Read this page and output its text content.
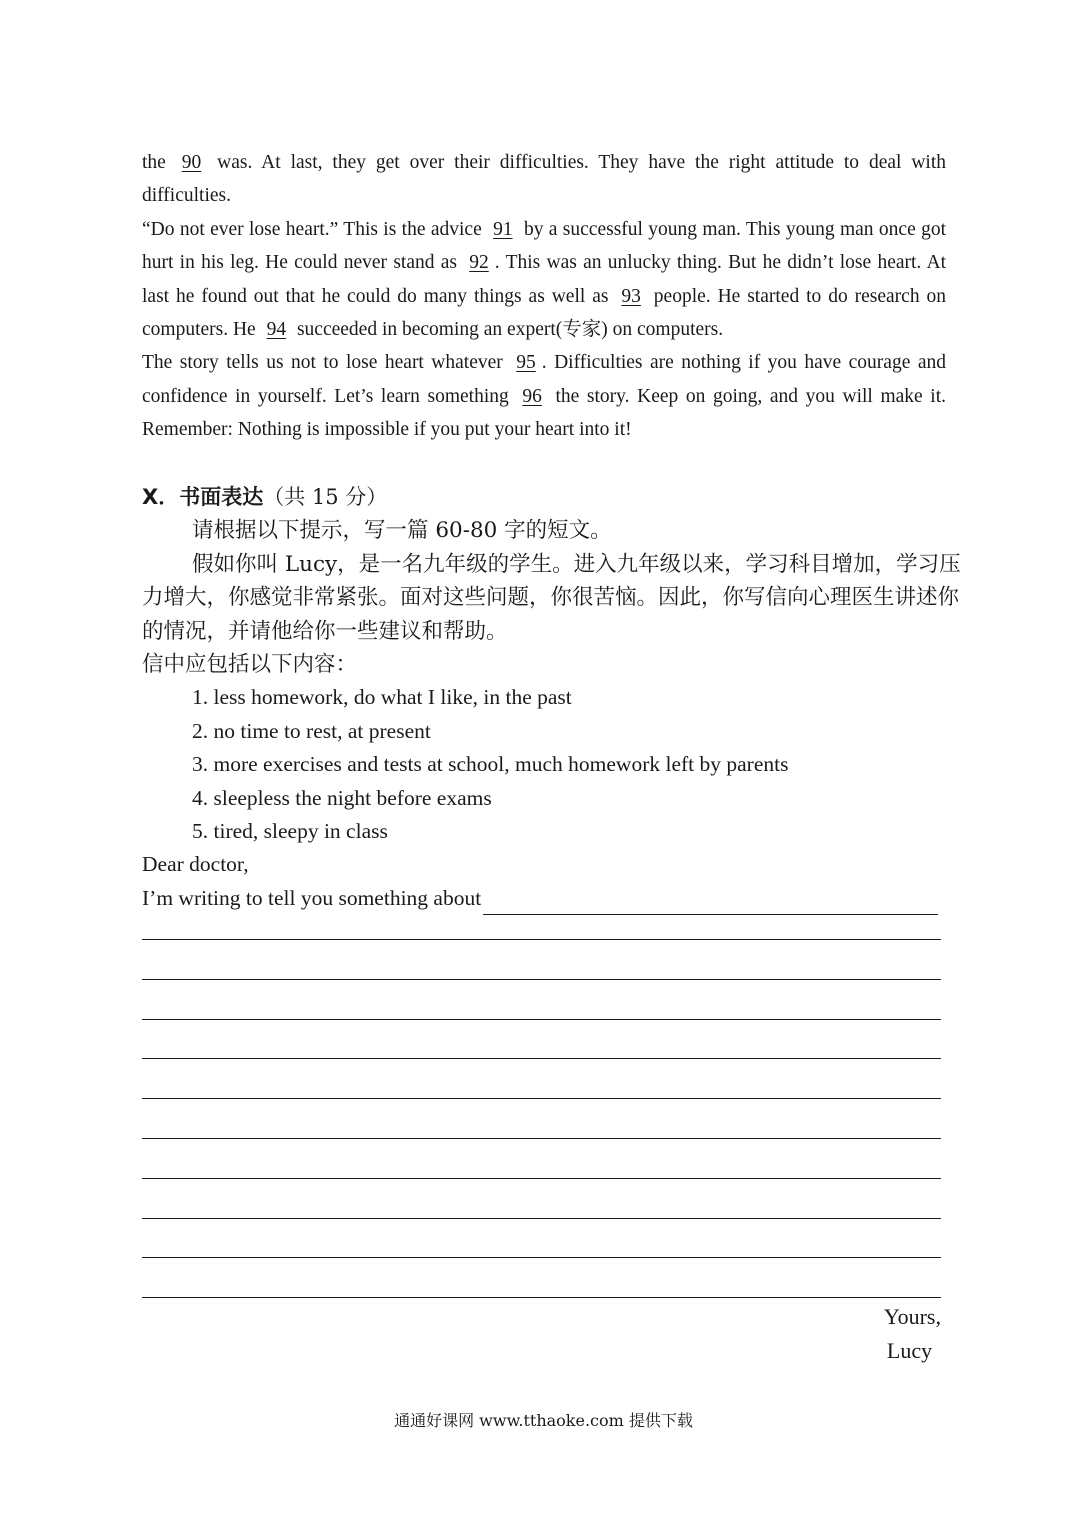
the 90 was. At last, they get over their difficulties. They have the right attitude to deal with difficulties.

“Do not ever lose heart.” This is the advice 91 by a successful young man. This young man once got hurt in his leg. He could never stand as 92 . This was an unlucky thing. But he didn’t lose heart. At last he found out that he could do many things as well as 93 people. He started to do research on computers. He 94 succeeded in becoming an expert(专家) on computers.

The story tells us not to lose heart whatever 95 . Difficulties are nothing if you have courage and confidence in yourself. Let’s learn something 96 the story. Keep on going, and you will make it. Remember: Nothing is impossible if you put your heart into it!

X．书面表达（共 15 分）

请根据以下提示，写一篇 60-80 字的短文。

假如你叫 Lucy，是一名九年级的学生。进入九年级以来，学习科目增加，学习压力增大，你感觉非常紧张。面对这些问题，你很苦恼。因此，你写信向心理医生讲述你的情况，并请他给你一些建议和帮助。

信中应包括以下内容：

1. less homework, do what I like, in the past

2. no time to rest, at present

3. more exercises and tests at school, much homework left by parents

4. sleepless the night before exams

5. tired, sleepy in class

Dear doctor,

I’m writing to tell you something about
Yours,
Lucy
通通好课网 www.tthaoke.com 提供下载
